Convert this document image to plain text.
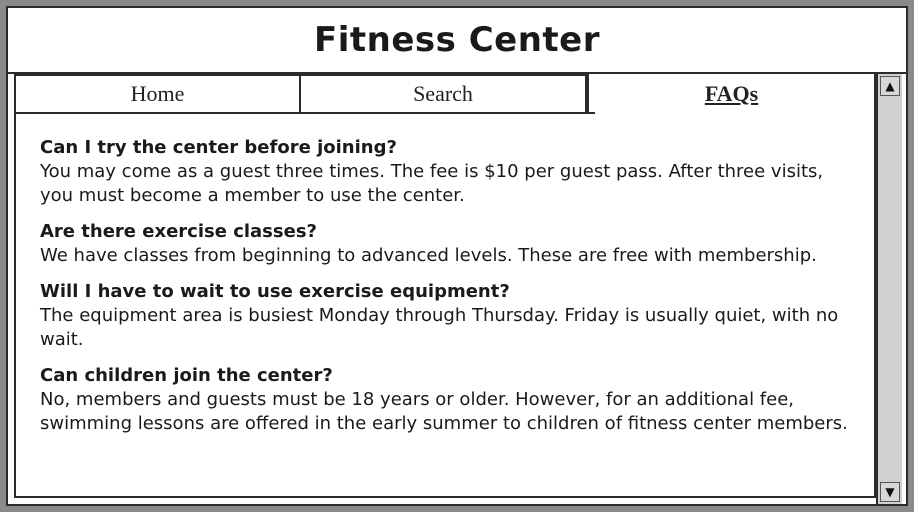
Fitness Center
Home	Search	FAQs
Can I try the center before joining?
You may come as a guest three times. The fee is $10 per guest pass. After three visits, you must become a member to use the center.
Are there exercise classes?
We have classes from beginning to advanced levels. These are free with membership.
Will I have to wait to use exercise equipment?
The equipment area is busiest Monday through Thursday. Friday is usually quiet, with no wait.
Can children join the center?
No, members and guests must be 18 years or older. However, for an additional fee, swimming lessons are offered in the early summer to children of fitness center members.
▲
▼
